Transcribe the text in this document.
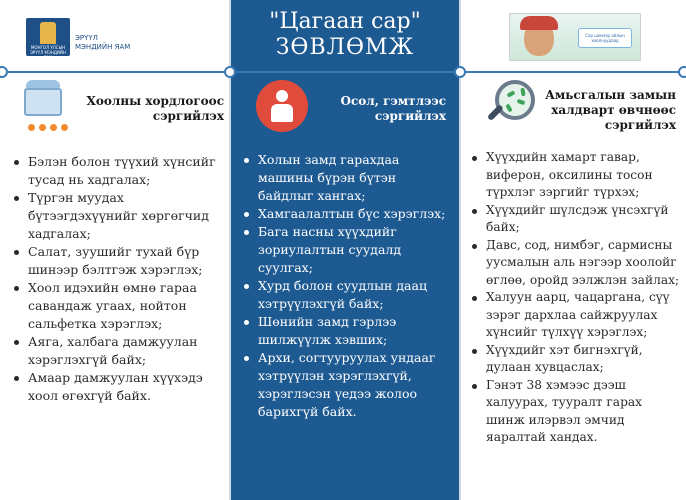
МОНГОЛ УЛСЫН
ЭРҮҮЛ МЭНДИЙН ЯАМ
ЭРҮҮЛ
МЭНДИЙН ЯАМ
"Цагаан сар"
ЗӨВЛӨМЖ	Сар шинээр айлын хоолнуудаар
Хоолны хордлогоос сэргийлэх
Бэлэн болон түүхий хүнсийг тусад нь хадгалах;
Түргэн муудах бүтээгдэхүүнийг хөргөгчид хадгалах;
Салат, зуушийг тухай бүр шинээр бэлтгэж хэрэглэх;
Хоол идэхийн өмнө гараа савандаж угаах, нойтон сальфетка хэрэглэх;
Аяга, халбага дамжуулан хэрэглэхгүй байх;
Амаар дамжуулан хүүхэдэ хоол өгөхгүй байх.
Осол, гэмтлээс сэргийлэх
Холын замд гарахдаа машины бүрэн бүтэн байдлыг хангах;
Хамгаалалтын бүс хэрэглэх;
Бага насны хүүхдийг зориулалтын суудалд суулгах;
Хурд болон суудлын даац хэтрүүлэхгүй байх;
Шөнийн замд гэрлээ шилжүүлж хэвших;
Архи, согтууруулах ундааг хэтрүүлэн хэрэглэхгүй, хэрэглэсэн үедээ жолоо барихгүй байх.
Амьсгалын замын халдварт өвчнөөс сэргийлэх
Хүүхдийн хамарт гавар, виферон, оксилины тосон түрхлэг зэргийг түрхэх;
Хүүхдийг шүлсдэж үнсэхгүй байх;
Давс, сод, нимбэг, сармисны уусмалын аль нэгээр хоолойг өглөө, оройд ээлжлэн зайлах;
Халуун аарц, чацаргана, сүү зэрэг дархлаа сайжруулах хүнсийг түлхүү хэрэглэх;
Хүүхдийг хэт бигнэхгүй, дулаан хувцаслах;
Гэнэт 38 хэмээс дээш халуурах, тууралт гарах шинж илэрвэл эмчид яаралтай хандах.
